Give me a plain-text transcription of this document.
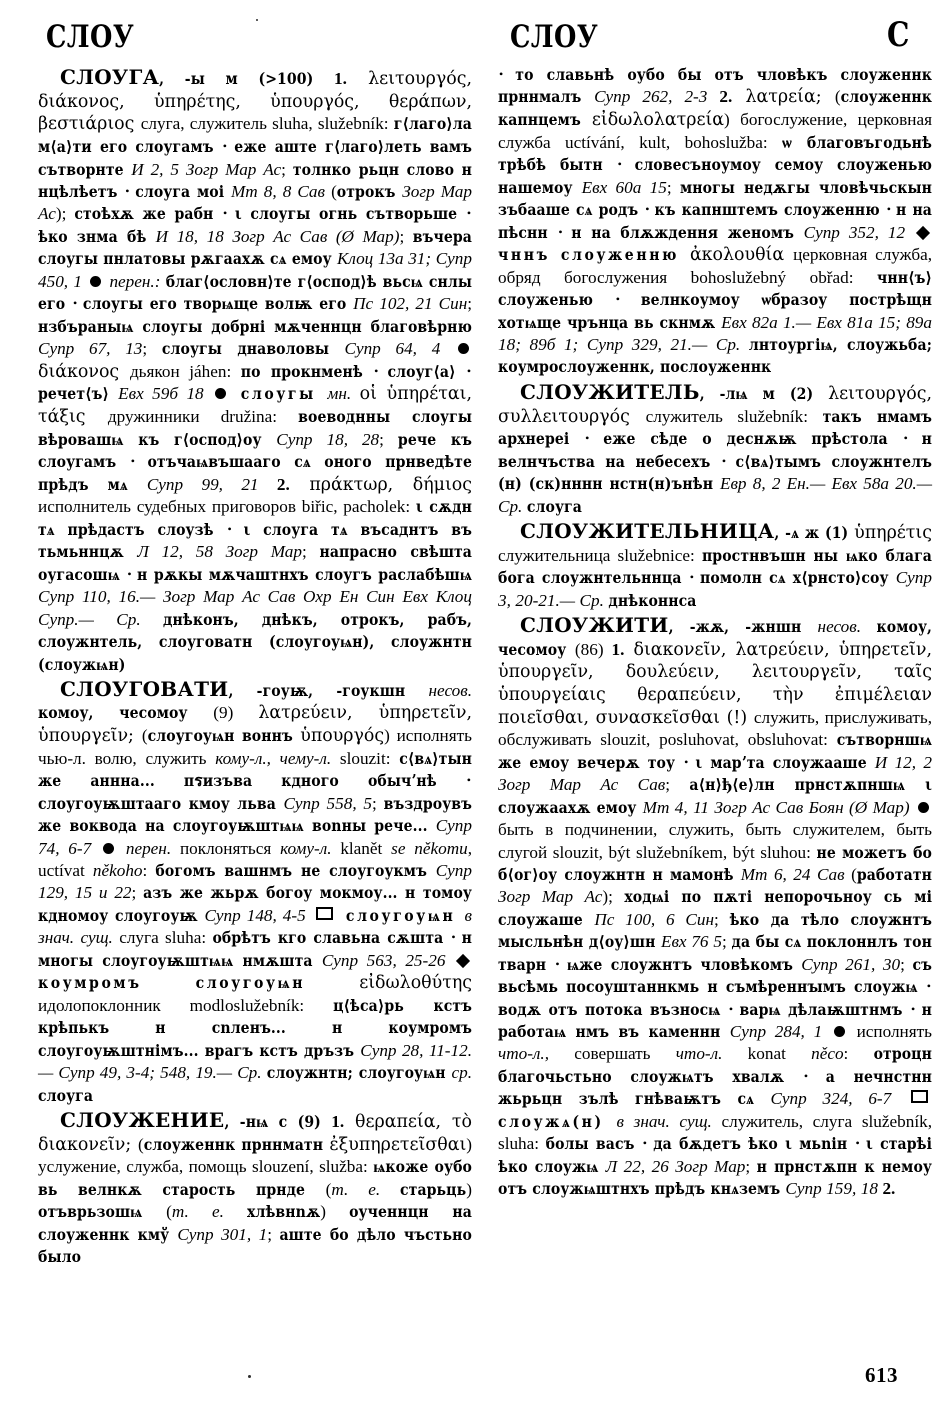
СЛОУ	СЛОУ	С

СЛОУГА, -ы м (>100) 1. λειτουργός, διάκονος, ὑπηρέτης, ὑπουργός, θεράπων, βεστιάριος слуга, служитель sluha, služebník: г⟨лаго⟩ла м⟨а⟩ти его слоугамъ • еже аште г⟨лаго⟩леть вамъ сътворнте И 2, 5 Зогр Мар Ас; толнко рьцн слово н нцѣлѣетъ • слоуга моі Мт 8, 8 Сав (отрокъ Зогр Мар Ас); стоѣхѫ же рабн • ι слоугы огнь сътворьше • ѣко знма бѣ И 18, 18 Зогр Ас Сав (Ø Мар); въчера слоугы пнлатовы рѫгаахѫ сѧ емоу Клоц 13а 31; Супр 450, 1  перен.: благ⟨ословн⟩те г⟨оспод⟩ѣ вьсѩ снлы его • слоугы его творѩще волѭ его Пс 102, 21 Син; нзбъраныѩ слоугы добрні мѫченнцн благовѣрню Супр 67, 13; слоугы днаволовы Супр 64, 4  διάκονος дьякон jáhen: по прокнменѣ • слоуг⟨а⟩ • речет⟨ъ⟩ Евх 59б 18  слоугы мн. οἱ ὑπηρέται, τάξις дружинники družina: воеводнны слоугы вѣровашѩ къ г⟨оспод⟩оу Супр 18, 28; рече къ слоугамъ • отъчаѩвъшааго сѧ оного прнведѣте прѣдъ мѧ Супр 99, 21 2. πράκτωρ, δήμιος исполнитель судебных приговоров biřic, pacholek: ι сѫдн тѧ прѣдастъ слоузѣ • ι слоуга тѧ въсаднтъ въ тьмьннцѫ Л 12, 58 Зогр Мар; напрасно свѣшта оугасошѩ • н рѫкы мѫчаштнхъ слоугъ раслабѣшѩ Супр 110, 16.— Зогр Мар Ас Сав Охр Ен Син Евх Клоц Супр.— Ср. днѣконъ, днѣкъ, отрокъ, рабъ, слоужнтель, слоуговатн (слоугоуѩн), слоужнтн (слоужѩн)

СЛОУГОВАТИ, -гоуѭ, -гоукшн несов. комоу, чесомоу (9) λατρεύειν, ὑπηρετεῖν, ὑπουργεῖν; (слоугоуѩн воннъ ὑπουργός) исполнять чью-л. волю, служить кому-л., чему-л. slouzit: с⟨вѧ⟩тын же аннна... пรизъва кдного обычʼнѣ • слоугоуѭштааго кмоу льва Супр 558, 5; въздроувъ же воквода на слоугоуѭштѩѩ воnны рече... Супр 74, 6-7  перен. поклоняться кому-л. klanět se někomu, uctívat někoho: богомъ вашнмъ не слоугоукмъ Супр 129, 15 и 22; азъ же жьрѫ богоу мокмоу... н томоу кдномоу слоугоуѭ Супр 148, 4-5  слоугоуѩн в знач. сущ. слуга sluha: обрѣтъ кго славьна сѫшта • н многы слоугоуѭштѩѩ нмѫшта Супр 563, 25-26  коумромъ слоугоуѩн εἰδωλοθύτης идолопоклонник modloslužebník: ц⟨ѣса⟩рь кстъ крѣпькъ н сnленъ... н коумромъ слоугоуѭштнімъ... врагъ кстъ дръзъ Супр 28, 11-12.— Супр 49, 3-4; 548, 19.— Ср. слоужнтн; слоугоуѩн ср. слоуга

СЛОУЖЕНИЕ, -нѩ с (9) 1. θεραπεία, τὸ διακονεῖν; (слоуженнк прннматн ἐξυπηρετεῖσθαι) услужение, служба, помощь slouzení, služba: ѩкоже оубо вь велнкѫ старость прнде (т. е. старьць) отъврьзошѩ (т. е. хлѣвнnѫ) оученнцн на слоуженнк кмў Супр 301, 1; аште бо дѣло чъстьно было

• то славьнѣ оубо бы отъ чловѣкъ слоуженнк прннмалъ Супр 262, 2-3 2. λατρεία; (слоуженнк капнцемъ εἰδωλολατρεία) богослужение, церковная служба uctívání, kult, bohoslužba: ѡ благовъгодьнѣ трѣбѣ бытн • словесъноумоу семоу слоуженью нашемоу Евх 60а 15; многы недѫгы чловѣчьскын зъбааше сѧ родъ • къ капнштемъ слоуженню • н на пѣснн • н на блѫждення женомъ Супр 352, 12  чннъ слоуженню ἀκολουθία церковная служба, обряд богослужения bohoslužebný obřad: чнн⟨ъ⟩ слоуженью • велнкоумоу ѡбразоу пострѣщн хотѩще чрънца вь скнмѫ Евх 82а 1.— Евх 81а 15; 89а 18; 89б 1; Супр 329, 21.— Ср. лнтоургіѩ, слоужьба; коумрослоуженнк, послоуженнк

СЛОУЖИТЕЛЬ, -лѩ м (2) λειτουργός, συλλειτουργός служитель služebník: такъ нмамъ архнереі • еже сѣде о деснѫѭ прѣстола • н велнчъства на небесехъ • с⟨вѧ⟩тымъ слоужнтелъ (н) (ск)нннн нстн(н)ънѣн Евр 8, 2 Ен.— Евх 58а 20.— Ср. слоуга

СЛОУЖИТЕЛЬНИЦА, -ѧ ж (1) ὑπηρέτις служительница služebnice: простнвъшн ны ѩко блага бога слоужнтельннца • помолн сѧ х⟨рнсто⟩соу Супр 3, 20-21.— Ср. днѣконнса

СЛОУЖИТИ, -жѫ, -жншн несов. комоу, чесомоу (86) 1. διακονεῖν, λατρεύειν, ὑπηρετεῖν, ὑπουργεῖν, δουλεύειν, λειτουργεῖν, ταῖς ὑπουργείαις θεραπεύειν, τὴν ἐπιμέλειαν ποιεῖσθαι, συνασκεῖσθαι (!) служить, прислуживать, обслуживать slouzit, posluhovat, obsluhovat: сътворншѩ же емоу вечерѫ тоу • ι марʼта слоужааше И 12, 2 Зогр Мар Ас Сав; а⟨н⟩ђ⟨е⟩лн прнстѫпншѩ ι слоужаахѫ емоу Мт 4, 11 Зогр Ас Сав Боян (Ø Мар)  быть в подчинении, служить, быть служителем, быть слугой slouzit, být služebníkem, být sluhou: не можетъ бо б⟨ог⟩оу слоужнтн н мамонѣ Мт 6, 24 Сав (работатн Зогр Мар Ас); ходѩі по пѫті непорочьноу сь мі слоужаше Пс 100, 6 Син; ѣко да тѣло слоужнтъ мысльнѣн д⟨оу⟩шн Евх 76 5; да бы сѧ поклоннлъ тон тварн • ѩже слоужнтъ чловѣкомъ Супр 261, 30; съ вьсѣмь посоуштаннкмь н съмѣреннꙑмъ слоужѩ • водѫ отъ потока възносѩ • варѩ дѣлаѭштнмъ • н работаѩ нмъ въ каменнн Супр 284, 1  исполнять что-л., совершать что-л. konat něco: отроцн благочьстьно слоужѩтъ хвалѫ • а нечнстнн жьрьцн зълѣ гнѣваѭтъ сѧ Супр 324, 6-7  слоужѧ(н) в знач. сущ. служитель, слуга služebník, sluha: болы васъ • да бѫдетъ ѣко ι мьnін • ι старѣі ѣко слоужѩ Л 22, 26 Зогр Мар; н прнстѫпн к немоу отъ слоужѩштнхъ прѣдъ кнѧземъ Супр 159, 18 2.

613
